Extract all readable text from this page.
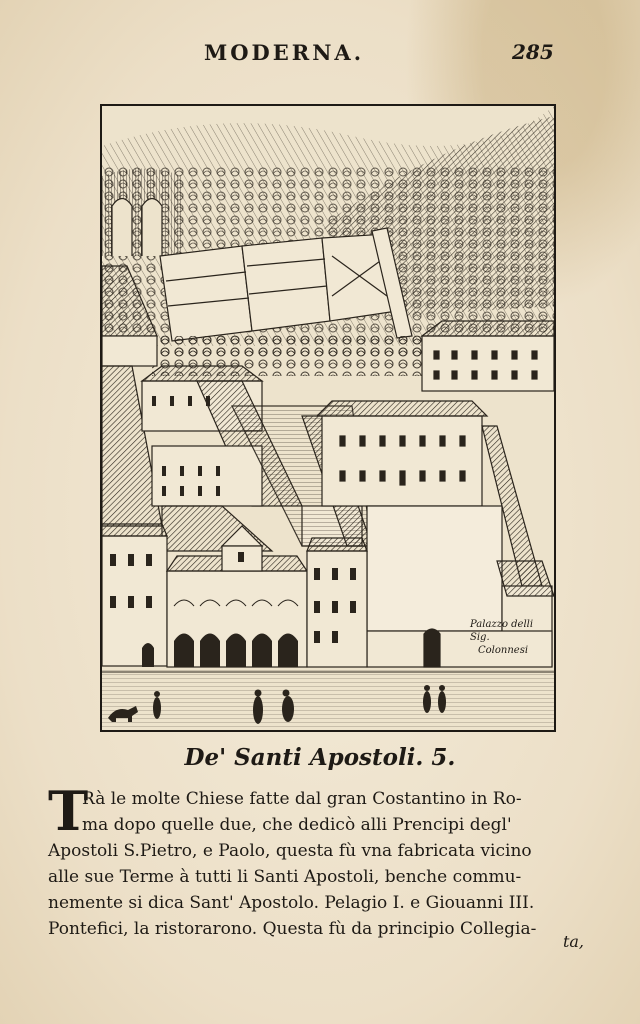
MODERNA.	285
Palazzo delli Sig.
Colonnesi
De' Santi Apostoli. 5.
T
Rà le molte Chiese fatte dal gran Costantino in Ro-
ma dopo quelle due, che dedicò alli Prencipi degl'
Apostoli S.Pietro, e Paolo, questa fù vna fabricata vicino
alle sue Terme à tutti li Santi Apostoli, benche commu-
nemente si dica Sant' Apostolo. Pelagio I. e Giouanni III.
Pontefici, la ristorarono. Questa fù da principio Collegia-
ta,
